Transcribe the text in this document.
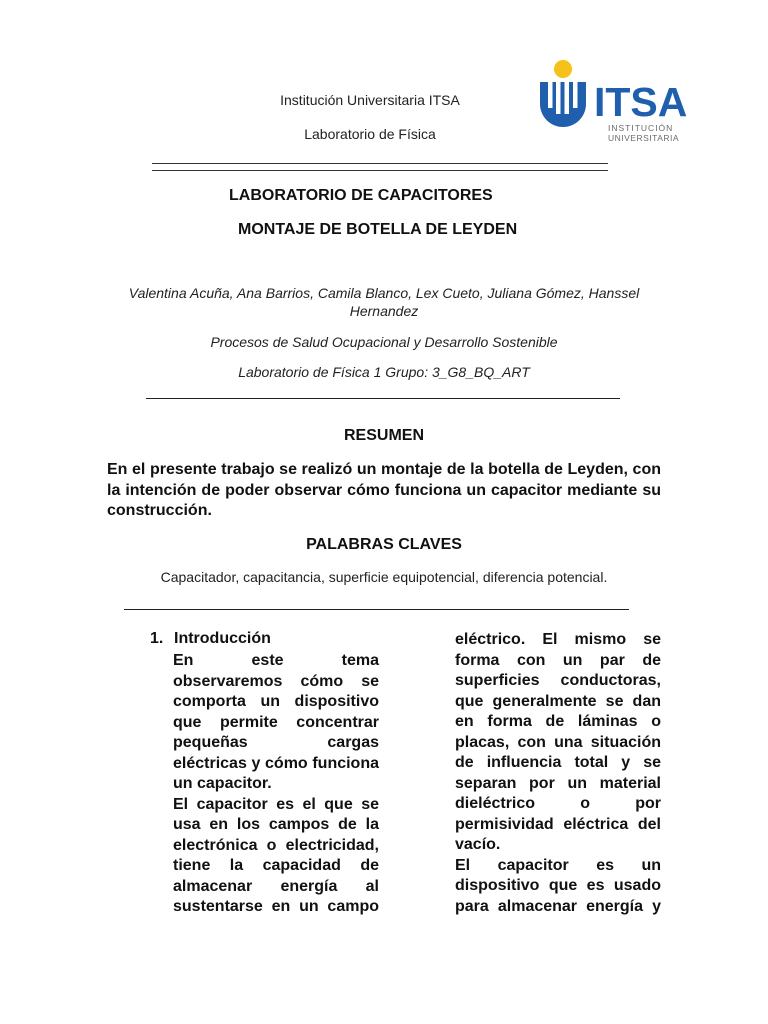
Institución Universitaria ITSA
Laboratorio de Física
ITSA
INSTITUCIÓN
UNIVERSITARIA
LABORATORIO DE CAPACITORES
MONTAJE DE BOTELLA DE LEYDEN
Valentina Acuña, Ana Barrios, Camila Blanco, Lex Cueto, Juliana Gómez, Hanssel
Hernandez
Procesos de Salud Ocupacional y Desarrollo Sostenible
Laboratorio de Física 1 Grupo: 3_G8_BQ_ART
RESUMEN
En el presente trabajo se realizó un montaje de la botella de Leyden, con la intención de poder observar cómo funciona un capacitor mediante su construcción.
PALABRAS CLAVES
Capacitador, capacitancia, superficie equipotencial, diferencia potencial.
1. Introducción

En este tema observaremos cómo se comporta un dispositivo que permite concentrar pequeñas cargas eléctricas y cómo funciona un capacitor.

El capacitor es el que se usa en los campos de la electrónica o electricidad, tiene la capacidad de almacenar energía al sustentarse en un campo

eléctrico. El mismo se forma con un par de superficies conductoras, que generalmente se dan en forma de láminas o placas, con una situación de influencia total y se separan por un material dieléctrico o por permisividad eléctrica del vacío.

El capacitor es un dispositivo que es usado para almacenar energía y
